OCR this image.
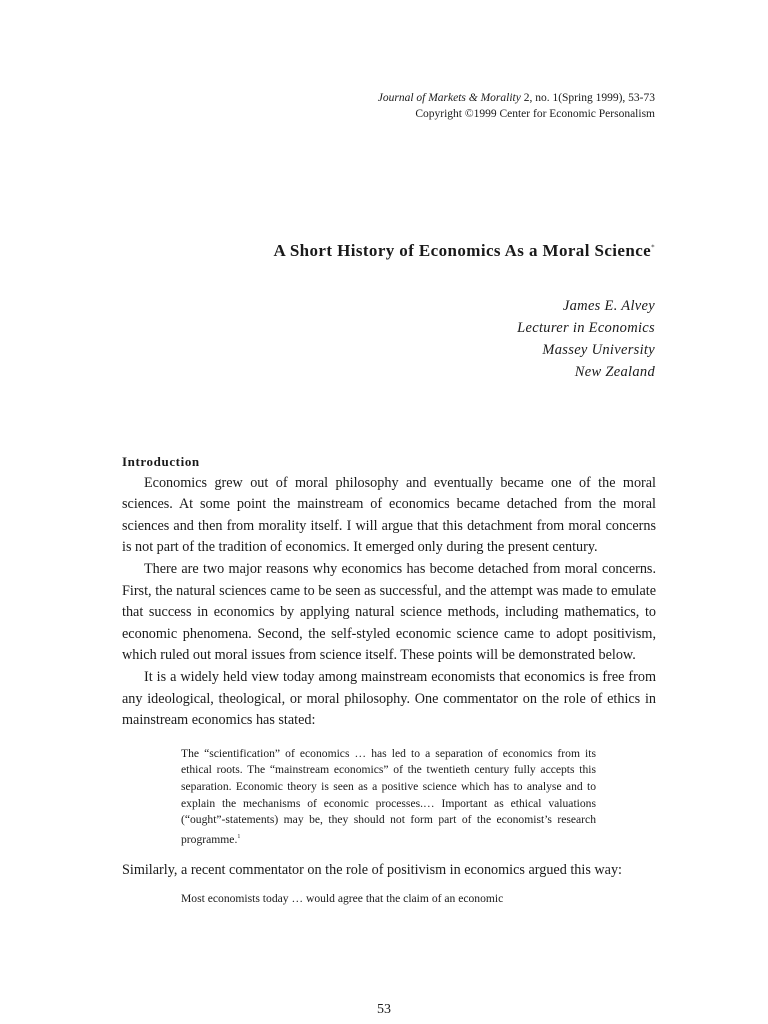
Journal of Markets & Morality 2, no. 1(Spring 1999), 53-73
Copyright ©1999 Center for Economic Personalism
A Short History of Economics As a Moral Science*
James E. Alvey
Lecturer in Economics
Massey University
New Zealand

Introduction

Economics grew out of moral philosophy and eventually became one of the moral sciences. At some point the mainstream of economics became detached from the moral sciences and then from morality itself. I will argue that this detachment from moral concerns is not part of the tradition of economics. It emerged only during the present century.

There are two major reasons why economics has become detached from moral concerns. First, the natural sciences came to be seen as successful, and the attempt was made to emulate that success in economics by applying natural science methods, including mathematics, to economic phenomena. Second, the self-styled economic science came to adopt positivism, which ruled out moral issues from science itself. These points will be demonstrated below.

It is a widely held view today among mainstream economists that economics is free from any ideological, theological, or moral philosophy. One commentator on the role of ethics in mainstream economics has stated:

The “scientification” of economics … has led to a separation of economics from its ethical roots. The “mainstream economics” of the twentieth century fully accepts this separation. Economic theory is seen as a positive science which has to analyse and to explain the mechanisms of economic processes.… Important as ethical valuations (“ought”-statements) may be, they should not form part of the economist’s research programme.$^1$

Similarly, a recent commentator on the role of positivism in economics argued this way:

Most economists today … would agree that the claim of an economic
53
